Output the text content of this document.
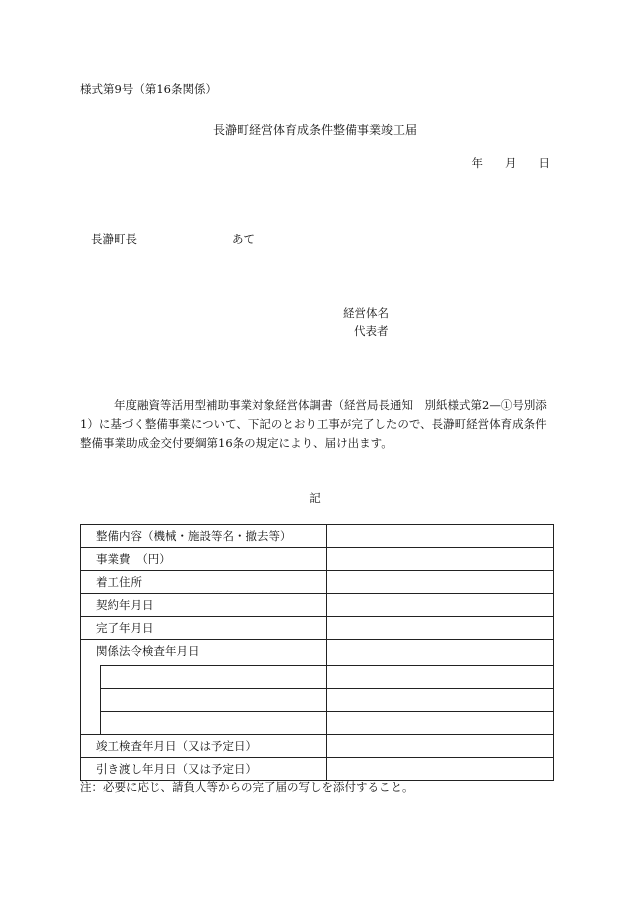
様式第9号（第16条関係）
長瀞町経営体育成条件整備事業竣工届
年 月 日
長瀞町長	あて
経営体名
代表者
年度融資等活用型補助事業対象経営体調書（経営局長通知　別紙様式第2—①号別添1）に基づく整備事業について、下記のとおり工事が完了したので、長瀞町経営体育成条件整備事業助成金交付要綱第16条の規定により、届け出ます。
記
整備内容（機械・施設等名・撤去等）		
事業費　（円）		
着工住所		
契約年月日		
完了年月日		
関係法令検査年月日		

竣工検査年月日（又は予定日）		
引き渡し年月日（又は予定日）		
注：必要に応じ、請負人等からの完了届の写しを添付すること。
